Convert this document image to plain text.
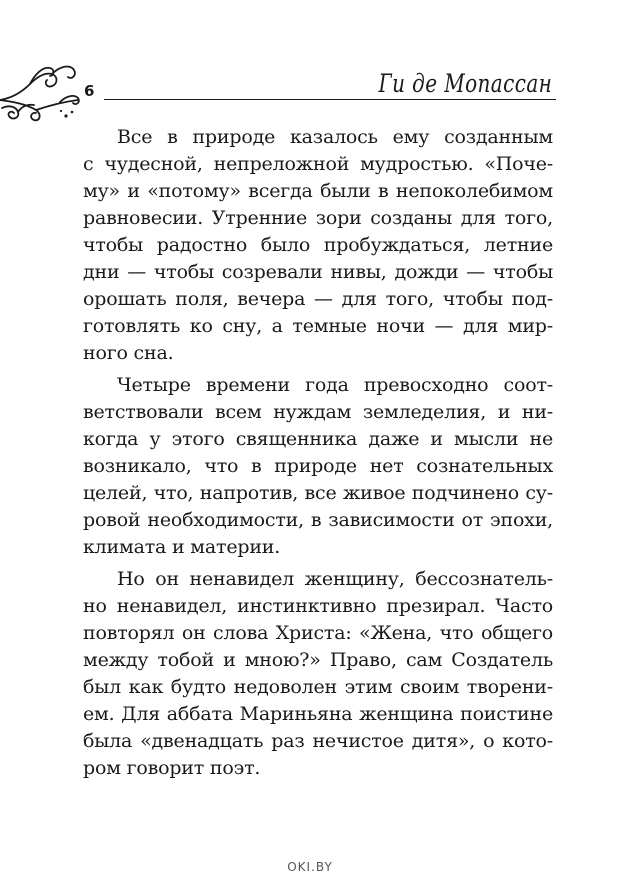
6	Ги де Мопассан

Все в природе казалось ему созданным
с чудесной, непреложной мудростью. «Поче-
му» и «потому» всегда были в непоколебимом
равновесии. Утренние зори созданы для того,
чтобы радостно было пробуждаться, летние
дни — чтобы созревали нивы, дожди — чтобы
орошать поля, вечера — для того, чтобы под-
готовлять ко сну, а темные ночи — для мир-
ного сна.

Четыре времени года превосходно соот-
ветствовали всем нуждам земледелия, и ни-
когда у этого священника даже и мысли не
возникало, что в природе нет сознательных
целей, что, напротив, все живое подчинено су-
ровой необходимости, в зависимости от эпохи,
климата и материи.

Но он ненавидел женщину, бессознатель-
но ненавидел, инстинктивно презирал. Часто
повторял он слова Христа: «Жена, что общего
между тобой и мною?» Право, сам Создатель
был как будто недоволен этим своим творени-
ем. Для аббата Мариньяна женщина поистине
была «двенадцать раз нечистое дитя», о кото-
ром говорит поэт.

OKI.BY
